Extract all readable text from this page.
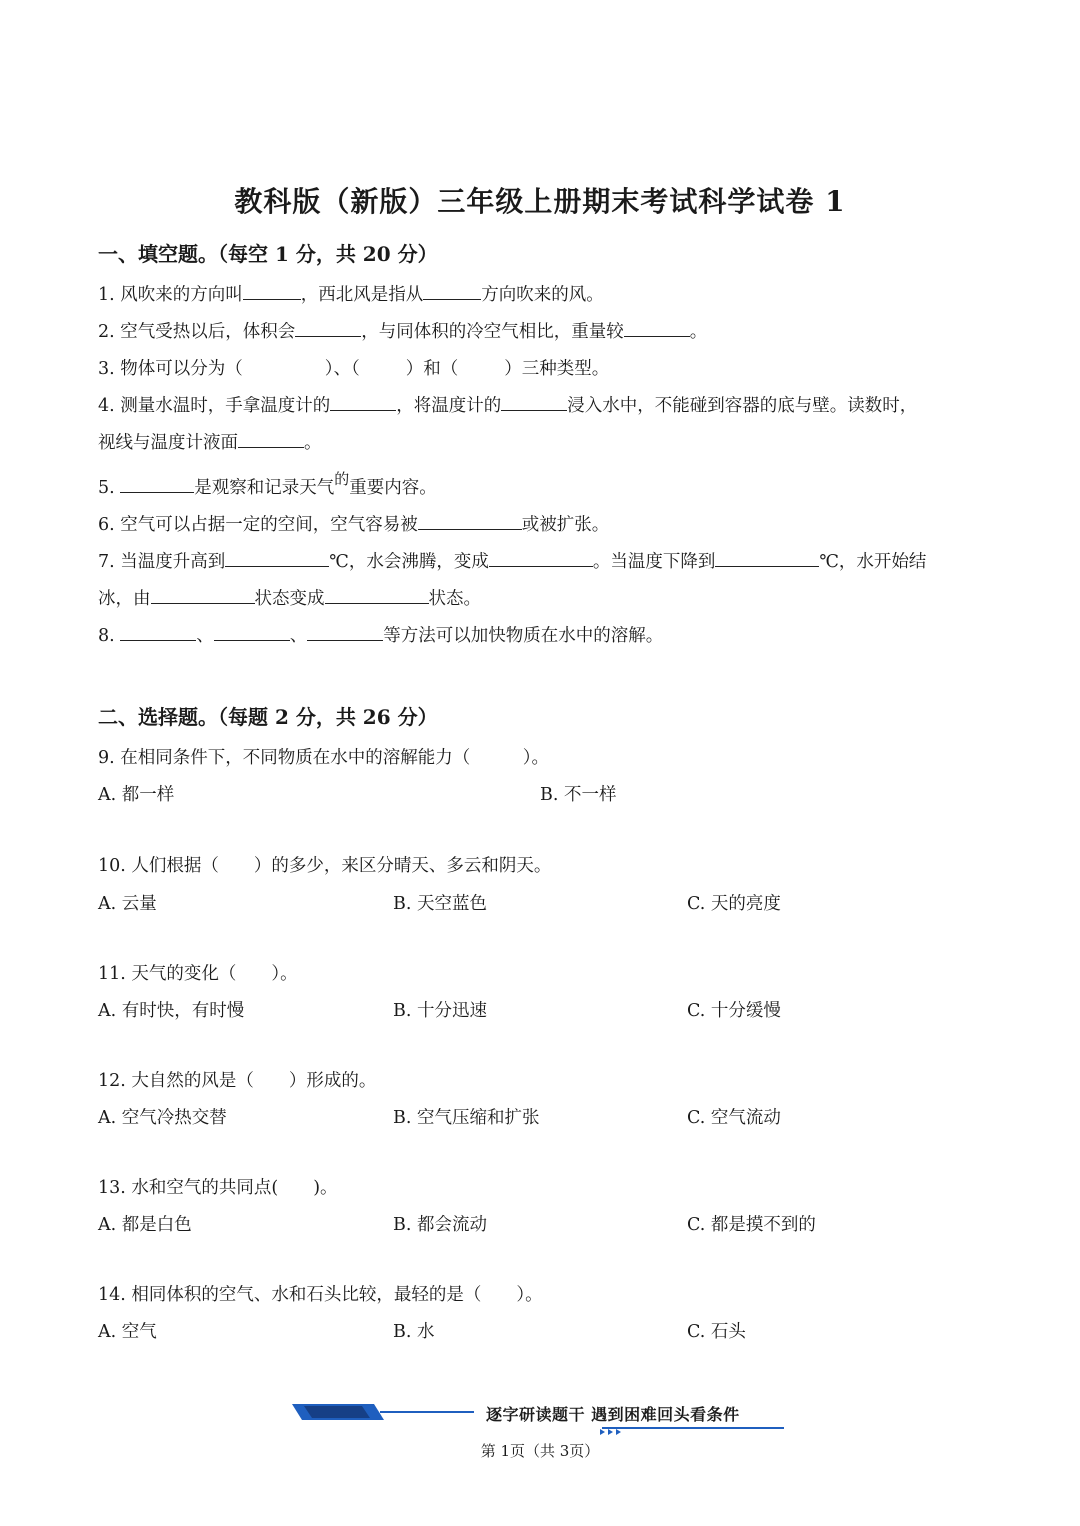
教科版（新版）三年级上册期末考试科学试卷 1
一、填空题。（每空 1 分，共 20 分）
1. 风吹来的方向叫	，西北风是指从	方向吹来的风。
2. 空气受热以后，体积会	，与同体积的冷空气相比，重量较	。
3. 物体可以分为（	）、（	）和（	）三种类型。
4. 测量水温时，手拿温度计的	，将温度计的	浸入水中，不能碰到容器的底与壁。读数时，
视线与温度计液面	。
5.	是观察和记录天气的重要内容。
6. 空气可以占据一定的空间，空气容易被	或被扩张。
7. 当温度升高到	℃，水会沸腾，变成	。当温度下降到	℃，水开始结
冰，由	状态变成	状态。
8.	、	、	等方法可以加快物质在水中的溶解。
二、选择题。（每题 2 分，共 26 分）
9. 在相同条件下，不同物质在水中的溶解能力（　　　）。
A. 都一样	B. 不一样
10. 人们根据（　　）的多少，来区分晴天、多云和阴天。
A. 云量	B. 天空蓝色	C. 天的亮度
11. 天气的变化（　　）。
A. 有时快，有时慢	B. 十分迅速	C. 十分缓慢
12. 大自然的风是（　　）形成的。
A. 空气冷热交替	B. 空气压缩和扩张	C. 空气流动
13. 水和空气的共同点(　　)。
A. 都是白色	B. 都会流动	C. 都是摸不到的
14. 相同体积的空气、水和石头比较，最轻的是（　　）。
A. 空气	B. 水	C. 石头
逐字研读题干 遇到困难回头看条件
第 1页（共 3页）
